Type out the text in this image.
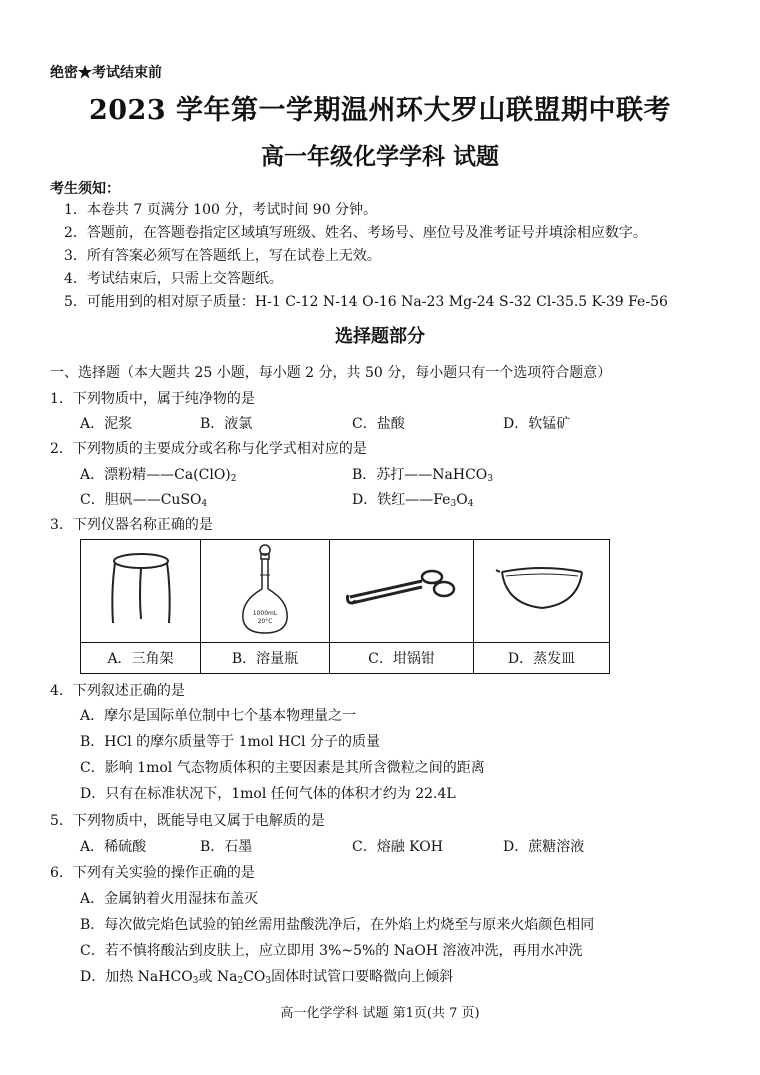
绝密★考试结束前
2023 学年第一学期温州环大罗山联盟期中联考
高一年级化学学科 试题
考生须知：
1．本卷共 7 页满分 100 分，考试时间 90 分钟。
2．答题前，在答题卷指定区域填写班级、姓名、考场号、座位号及准考证号并填涂相应数字。
3．所有答案必须写在答题纸上，写在试卷上无效。
4．考试结束后，只需上交答题纸。
5．可能用到的相对原子质量：H-1 C-12 N-14 O-16 Na-23 Mg-24 S-32 Cl-35.5 K-39 Fe-56
选择题部分
一、选择题（本大题共 25 小题，每小题 2 分，共 50 分，每小题只有一个选项符合题意）
1．下列物质中，属于纯净物的是
A．泥浆	B．液氯	C．盐酸	D．软锰矿
2．下列物质的主要成分或名称与化学式相对应的是
A．漂粉精$——Ca(ClO)_2$	B．苏打——NaHCO$_3$
C．胆矾——CuSO$_4$	D．铁红$——Fe_3O_4$
3．下列仪器名称正确的是

1000mL
20°C

A．三角架	B．溶量瓶	C．坩锅钳	D．蒸发皿
4．下列叙述正确的是
A．摩尔是国际单位制中七个基本物理量之一
B．HCl 的摩尔质量等于 1mol HCl 分子的质量
C．影响 1mol 气态物质体积的主要因素是其所含微粒之间的距离
D．只有在标准状况下，1mol 任何气体的体积才约为 22.4L
5．下列物质中，既能导电又属于电解质的是
A．稀硫酸	B．石墨	C．熔融 KOH	D．蔗糖溶液
6．下列有关实验的操作正确的是
A．金属钠着火用湿抹布盖灭
B．每次做完焰色试验的铂丝需用盐酸洗净后，在外焰上灼烧至与原来火焰颜色相同
C．若不慎将酸沾到皮肤上，应立即用 3%~5%的 NaOH 溶液冲洗，再用水冲洗
D．加热 NaHCO$_3$或 $Na_2CO_3$固体时试管口要略微向上倾斜
高一化学学科 试题 第1页(共 7 页)
